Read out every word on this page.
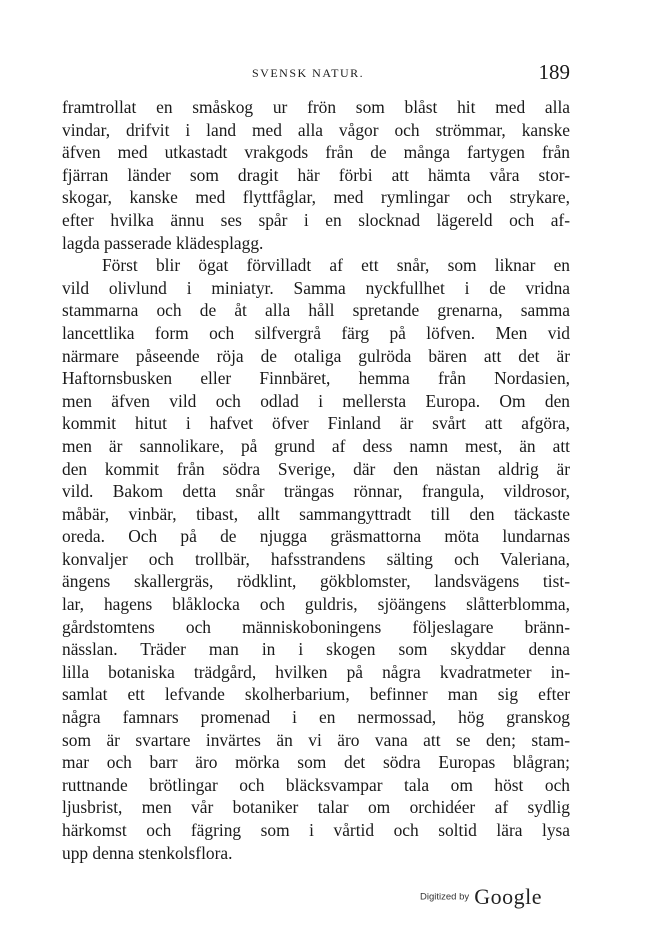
SVENSK NATUR.	189
framtrollat en småskog ur frön som blåst hit med alla
vindar, drifvit i land med alla vågor och strömmar, kanske
äfven med utkastadt vrakgods från de många fartygen från
fjärran länder som dragit här förbi att hämta våra stor-
skogar, kanske med flyttfåglar, med rymlingar och strykare,
efter hvilka ännu ses spår i en slocknad lägereld och af-
lagda passerade klädesplagg.
Först blir ögat förvilladt af ett snår, som liknar en
vild olivlund i miniatyr. Samma nyckfullhet i de vridna
stammarna och de åt alla håll spretande grenarna, samma
lancettlika form och silfvergrå färg på löfven. Men vid
närmare påseende röja de otaliga gulröda bären att det är
Haftornsbusken eller Finnbäret, hemma från Nordasien,
men äfven vild och odlad i mellersta Europa. Om den
kommit hitut i hafvet öfver Finland är svårt att afgöra,
men är sannolikare, på grund af dess namn mest, än att
den kommit från södra Sverige, där den nästan aldrig är
vild. Bakom detta snår trängas rönnar, frangula, vildrosor,
måbär, vinbär, tibast, allt sammangyttradt till den täckaste
oreda. Och på de njugga gräsmattorna möta lundarnas
konvaljer och trollbär, hafsstrandens sälting och Valeriana,
ängens skallergräs, rödklint, gökblomster, landsvägens tist-
lar, hagens blåklocka och guldris, sjöängens slåtterblomma,
gårdstomtens och människoboningens följeslagare bränn-
nässlan. Träder man in i skogen som skyddar denna
lilla botaniska trädgård, hvilken på några kvadratmeter in-
samlat ett lefvande skolherbarium, befinner man sig efter
några famnars promenad i en nermossad, hög granskog
som är svartare invärtes än vi äro vana att se den; stam-
mar och barr äro mörka som det södra Europas blågran;
ruttnande brötlingar och bläcksvampar tala om höst och
ljusbrist, men vår botaniker talar om orchidéer af sydlig
härkomst och fägring som i vårtid och soltid lära lysa
upp denna stenkolsflora.
Digitized by Google
